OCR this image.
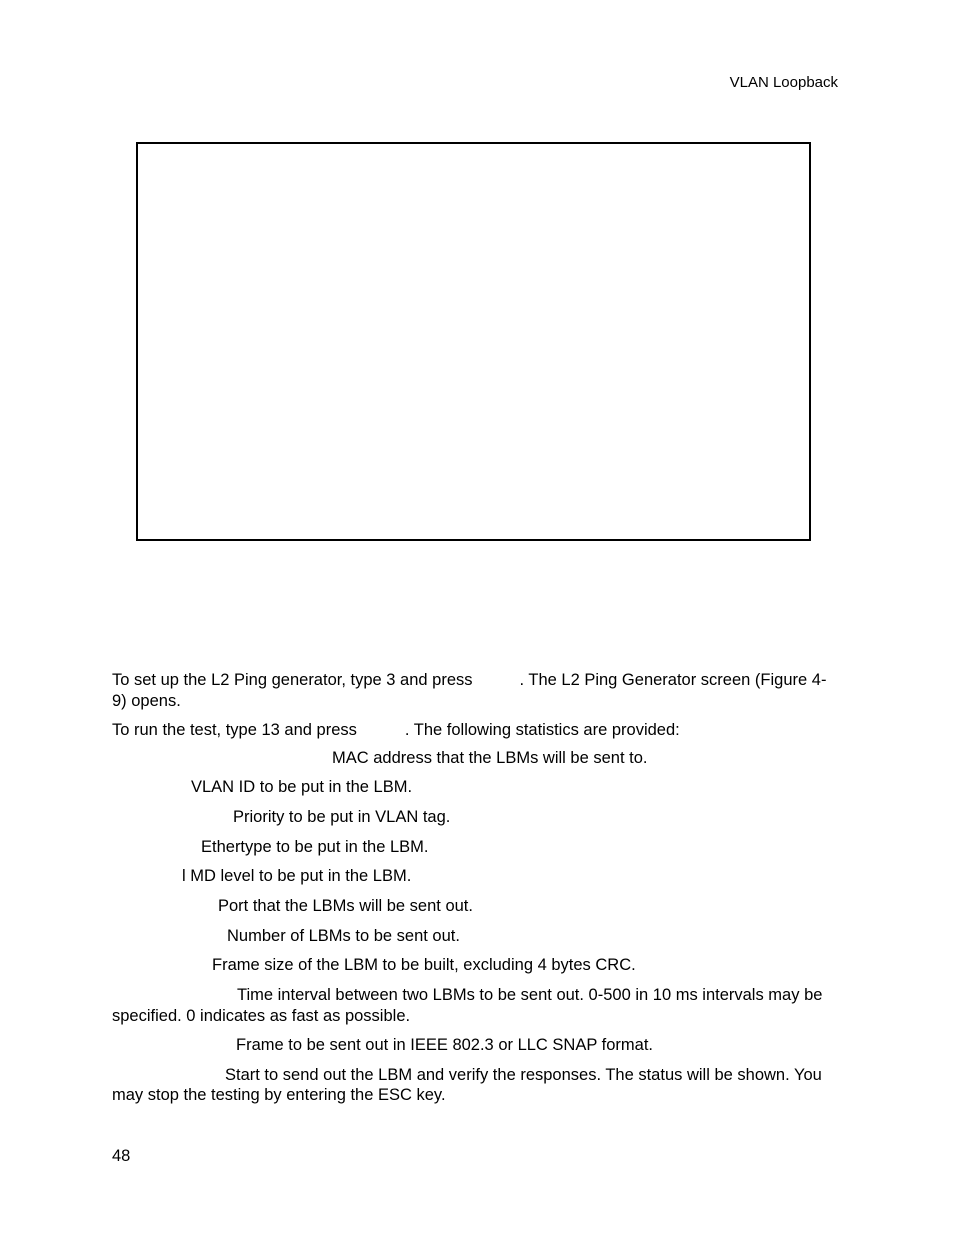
VLAN Loopback

To set up the L2 Ping generator, type 3 and press	. The L2 Ping Generator screen (Figure 4-9) opens.

To run the test, type 13 and press	. The following statistics are provided:

MAC address that the LBMs will be sent to.

VLAN ID to be put in the LBM.

Priority to be put in VLAN tag.

Ethertype to be put in the LBM.

l MD level to be put in the LBM.

Port that the LBMs will be sent out.

Number of LBMs to be sent out.

Frame size of the LBM to be built, excluding 4 bytes CRC.

Time interval between two LBMs to be sent out. 0-500 in 10 ms intervals may be specified. 0 indicates as fast as possible.

Frame to be sent out in IEEE 802.3 or LLC SNAP format.

Start to send out the LBM and verify the responses. The status will be shown. You may stop the testing by entering the ESC key.

48
